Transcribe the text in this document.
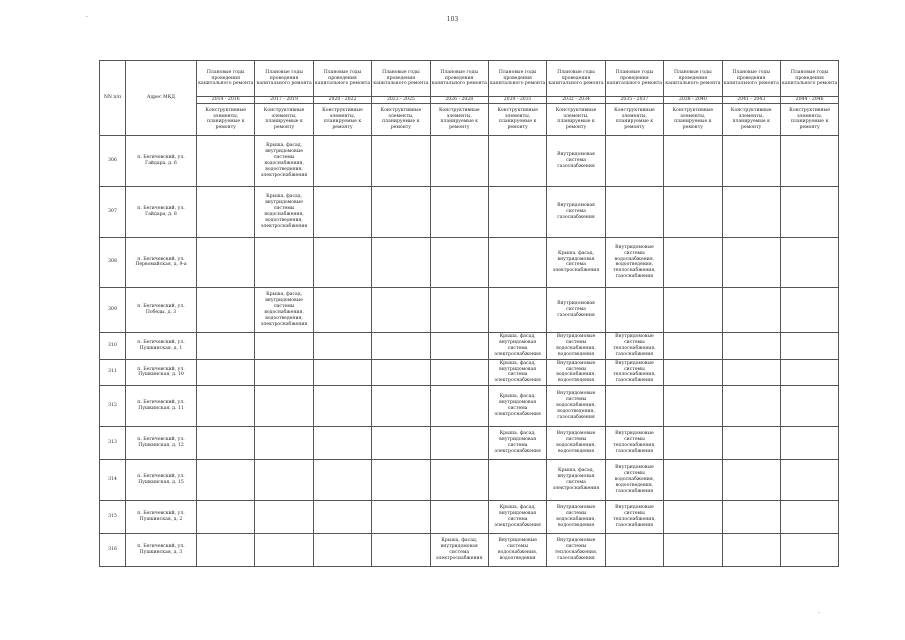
103
·
·
NN п/п	Адрес МКД	Плановые годы проведения капитального ремонта	Плановые годы проведения капитального ремонта	Плановые годы проведения капитального ремонта	Плановые годы проведения капитального ремонта	Плановые годы проведения капитального ремонта	Плановые годы проведения капитального ремонта	Плановые годы проведения капитального ремонта	Плановые годы проведения капитального ремонта	Плановые годы проведения капитального ремонта	Плановые годы проведения капитального ремонта	Плановые годы проведения капитального ремонта
		2014 - 2016	2017 - 2019	2020 - 2022	2023 - 2025	2026 - 2028	2029 - 2031	2032 - 2034	2035 - 2037	2038 - 2040	2041 - 2043	2044 - 2046
		Конструктивные элементы, планируемые к ремонту	Конструктивные элементы, планируемые к ремонту	Конструктивные элементы, планируемые к ремонту	Конструктивные элементы, планируемые к ремонту	Конструктивные элементы, планируемые к ремонту	Конструктивные элементы, планируемые к ремонту	Конструктивные элементы, планируемые к ремонту	Конструктивные элементы, планируемые к ремонту	Конструктивные элементы, планируемые к ремонту	Конструктивные элементы, планируемые к ремонту	Конструктивные элементы, планируемые к ремонту
306	п. Бегичевский, ул. Гайдара, д. 6		Крыша, фасад, внутридомовые системы водоснабжения, водоотведения, электроснабжения					Внутридомовая система газоснабжения				
307	п. Бегичевский, ул. Гайдара, д. 8		Крыша, фасад, внутридомовые системы водоснабжения, водоотведения, электроснабжения					Внутридомовая система газоснабжения				
308	п. Бегичевский, ул. Первомайская, д. 9-а							Крыша, фасад, внутридомовая система электроснабжения	Внутридомовые системы водоснабжения, водоотведения, теплоснабжения, газоснабжения			
309	п. Бегичевский, ул. Победы, д. 3		Крыша, фасад, внутридомовые системы водоснабжения, водоотведения, электроснабжения					Внутридомовая система газоснабжения				
310	п. Бегичевский, ул. Пушкинская, д. 1						Крыша, фасад, внутридомовая система электроснабжения	Внутридомовые системы водоснабжения, водоотведения	Внутридомовые системы теплоснабжения, газоснабжения			
311	п. Бегичевский, ул. Пушкинская, д. 10						Крыша, фасад, внутридомовая система электроснабжения	Внутридомовые системы водоснабжения, водоотведения	Внутридомовые системы теплоснабжения, газоснабжения			
312	п. Бегичевский, ул. Пушкинская, д. 11						Крыша, фасад, внутридомовая система электроснабжения	Внутридомовые системы водоснабжения, водоотведения, газоснабжения				
313	п. Бегичевский, ул. Пушкинская, д. 12						Крыша, фасад, внутридомовая система электроснабжения	Внутридомовые системы водоснабжения, водоотведения	Внутридомовые системы теплоснабжения, газоснабжения			
314	п. Бегичевский, ул. Пушкинская, д. 15							Крыша, фасад, внутридомовая система электроснабжения	Внутридомовые системы водоснабжения, водоотведения, газоснабжения			
315	п. Бегичевский, ул. Пушкинская, д. 2						Крыша, фасад, внутридомовая система электроснабжения	Внутридомовые системы водоснабжения, водоотведения	Внутридомовые системы теплоснабжения, газоснабжения			
316	п. Бегичевский, ул. Пушкинская, д. 3					Крыша, фасад, внутридомовая система электроснабжения	Внутридомовые системы водоснабжения, водоотведения	Внутридомовые системы теплоснабжения, газоснабжения				
